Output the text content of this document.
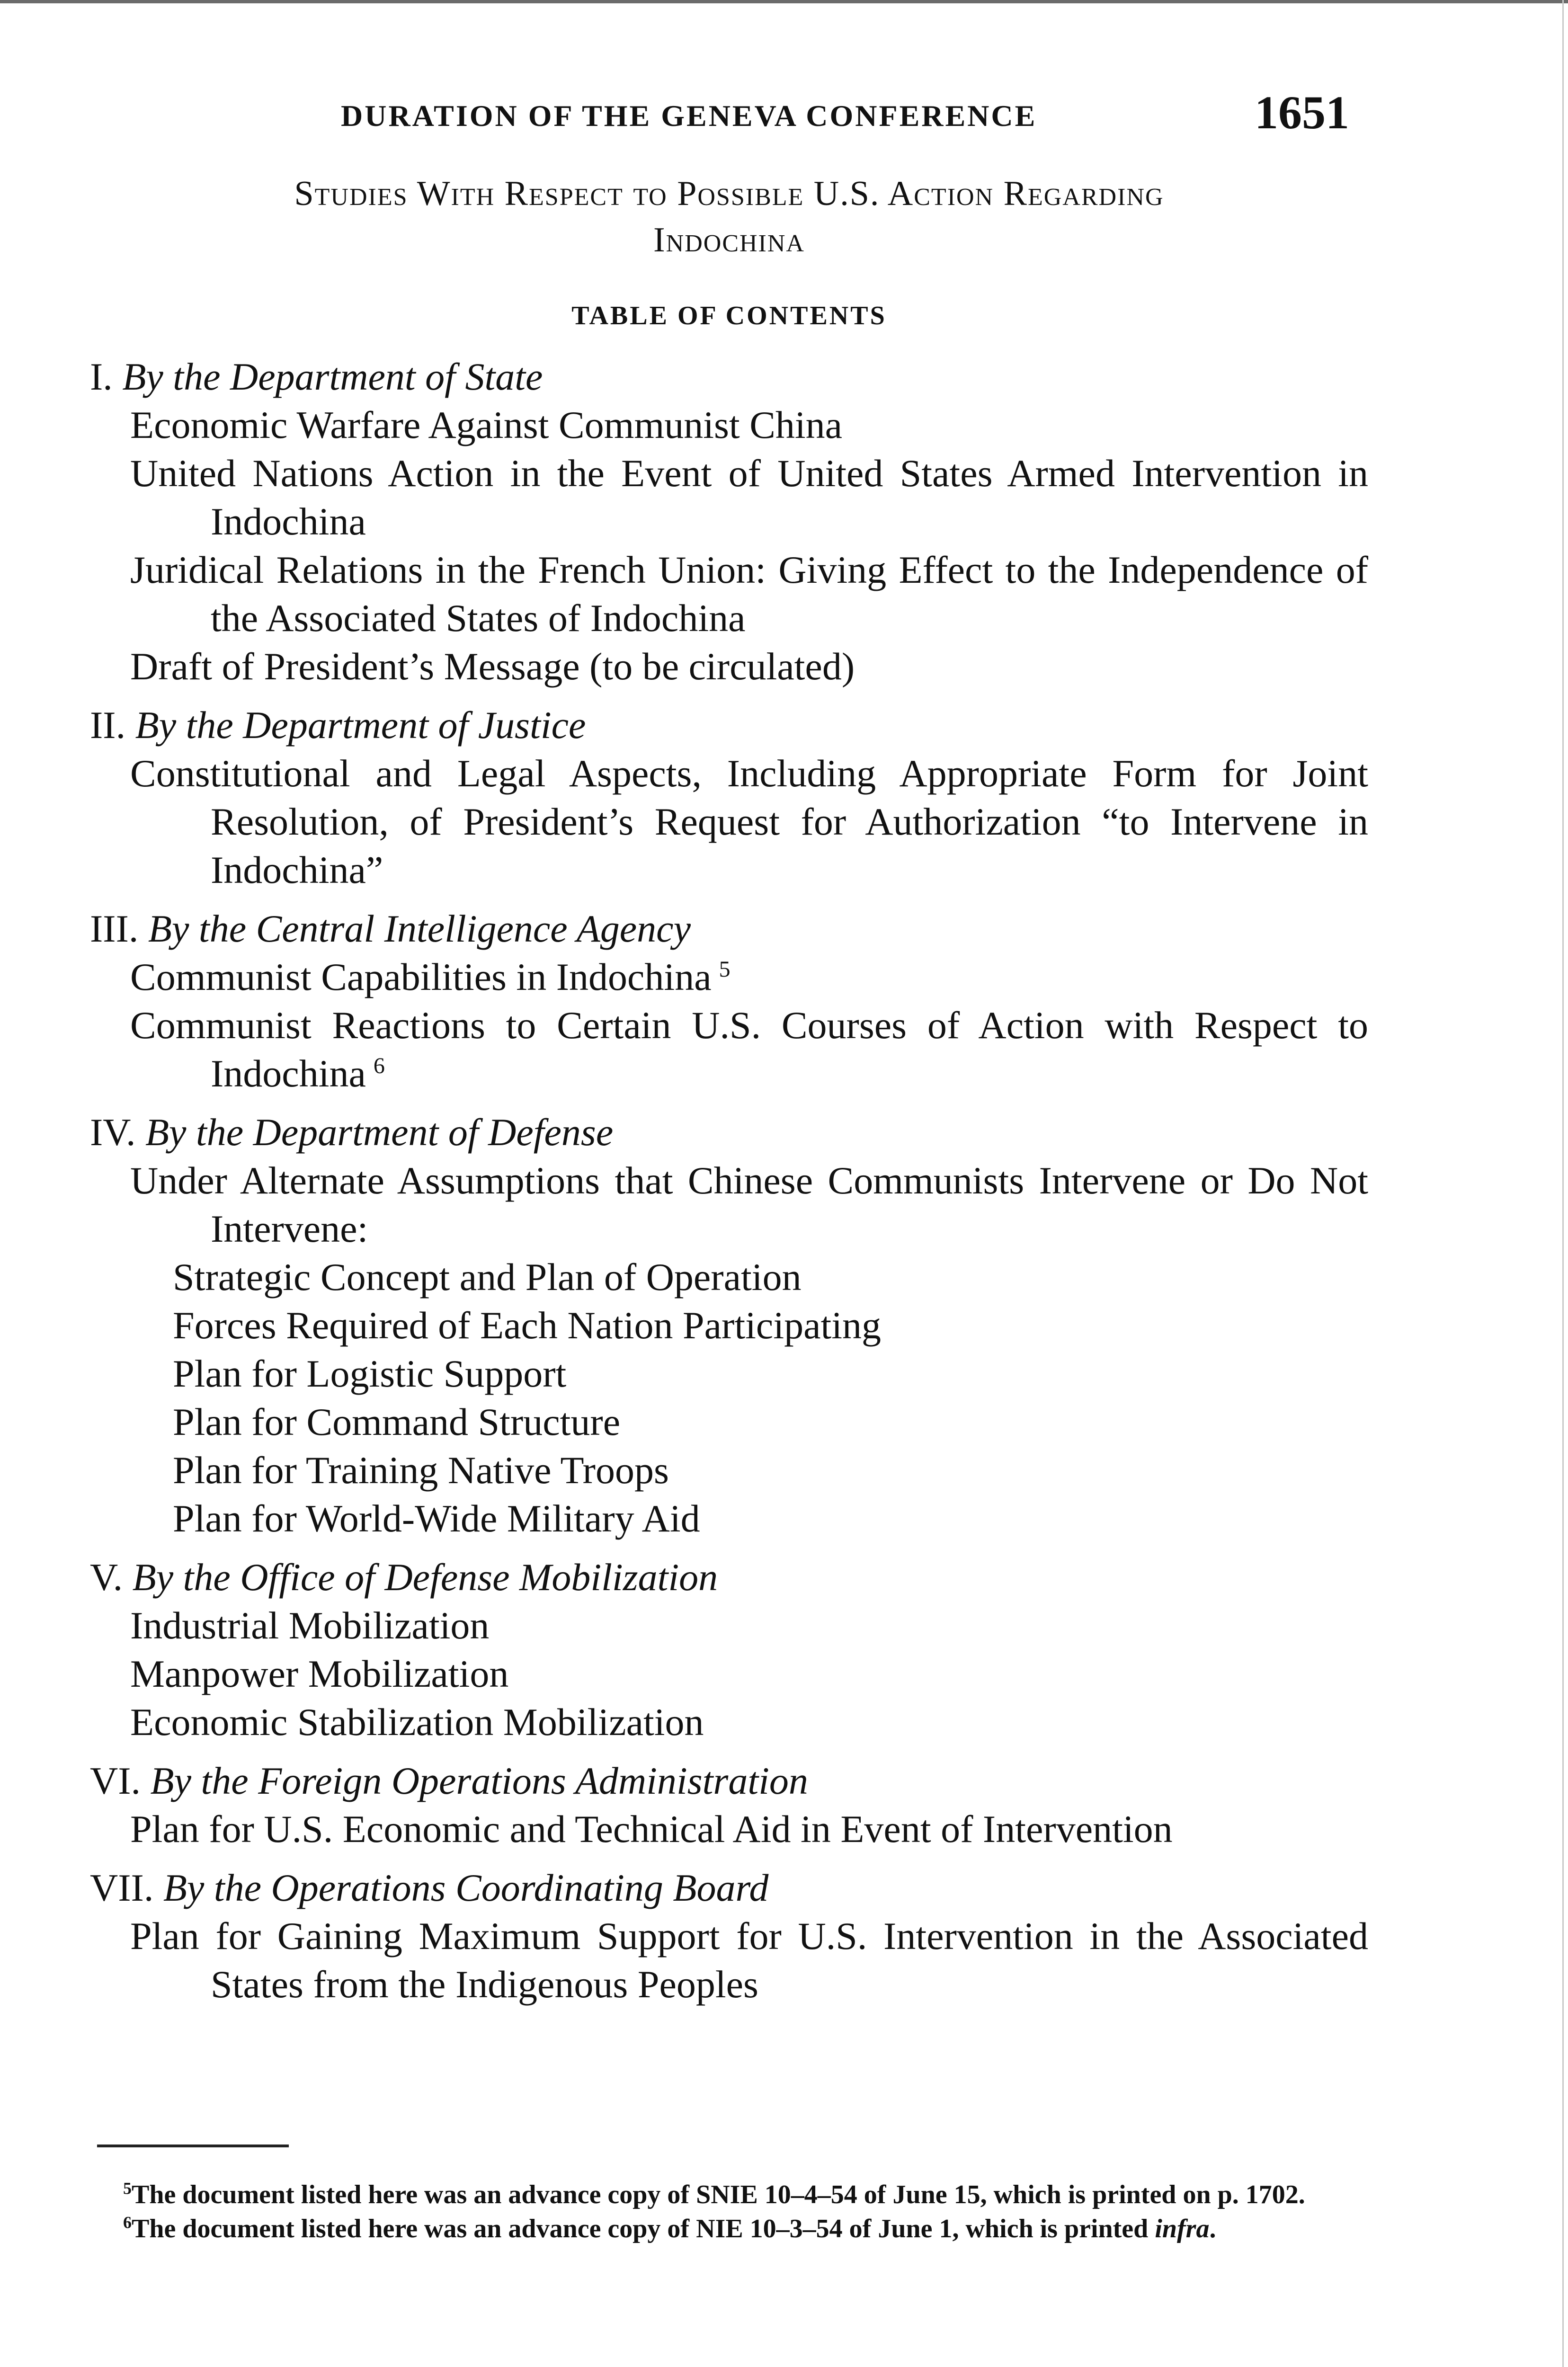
DURATION OF THE GENEVA CONFERENCE	1651
Studies With Respect to Possible U.S. Action Regarding
Indochina
TABLE OF CONTENTS
I. By the Department of State
Economic Warfare Against Communist China
United Nations Action in the Event of United States Armed Intervention in Indochina
Juridical Relations in the French Union: Giving Effect to the Independence of the Associated States of Indochina
Draft of President’s Message (to be circulated)
II. By the Department of Justice
Constitutional and Legal Aspects, Including Appropriate Form for Joint Resolution, of President’s Request for Authorization “to Intervene in Indochina”
III. By the Central Intelligence Agency
Communist Capabilities in Indochina $^5$
Communist Reactions to Certain U.S. Courses of Action with Respect to Indochina $^6$
IV. By the Department of Defense
Under Alternate Assumptions that Chinese Communists Intervene or Do Not Intervene:
Strategic Concept and Plan of Operation
Forces Required of Each Nation Participating
Plan for Logistic Support
Plan for Command Structure
Plan for Training Native Troops
Plan for World-Wide Military Aid
V. By the Office of Defense Mobilization
Industrial Mobilization
Manpower Mobilization
Economic Stabilization Mobilization
VI. By the Foreign Operations Administration
Plan for U.S. Economic and Technical Aid in Event of Intervention
VII. By the Operations Coordinating Board
Plan for Gaining Maximum Support for U.S. Intervention in the Associated States from the Indigenous Peoples
$^5$The document listed here was an advance copy of SNIE 10–4–54 of June 15, which is printed on p. 1702.
$^6$The document listed here was an advance copy of NIE 10–3–54 of June 1, which is printed infra.
